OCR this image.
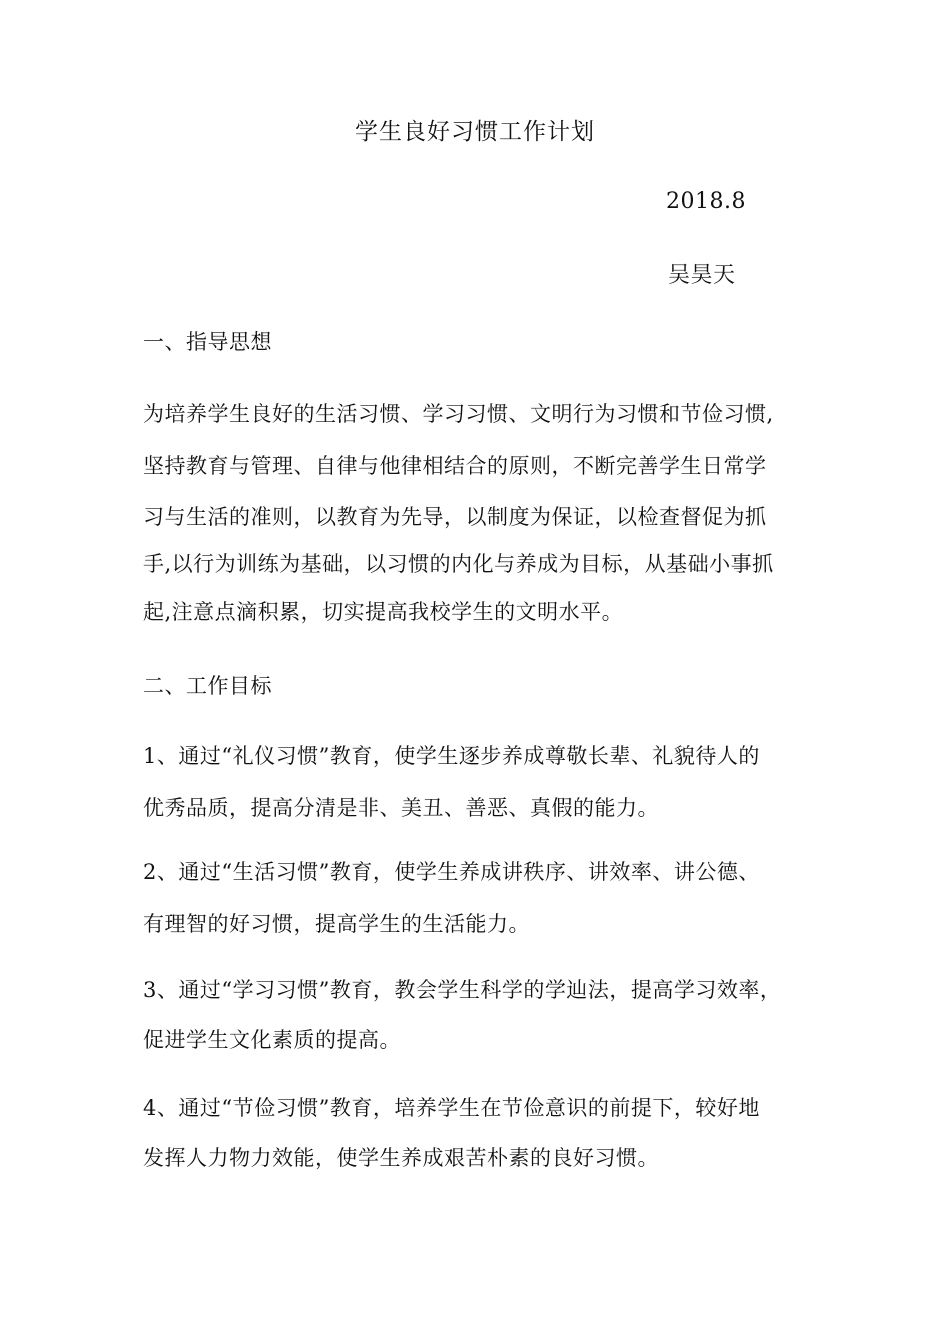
学生良好习惯工作计划
2018.8
吴昊天
一、指导思想
为培养学生良好的生活习惯、学习习惯、文明行为习惯和节俭习惯,
坚持教育与管理、自律与他律相结合的原则，不断完善学生日常学
习与生活的准则，以教育为先导，以制度为保证，以检查督促为抓
手,以行为训练为基础，以习惯的内化与养成为目标，从基础小事抓
起,注意点滴积累，切实提高我校学生的文明水平。
二、工作目标
1、通过“礼仪习惯”教育，使学生逐步养成尊敬长辈、礼貌待人的
优秀品质，提高分清是非、美丑、善恶、真假的能力。
2、通过“生活习惯”教育，使学生养成讲秩序、讲效率、讲公德、
有理智的好习惯，提高学生的生活能力。
3、通过“学习习惯”教育，教会学生科学的学辿法，提高学习效率，
促进学生文化素质的提高。
4、通过“节俭习惯”教育，培养学生在节俭意识的前提下，较好地
发挥人力物力效能，使学生养成艰苦朴素的良好习惯。
